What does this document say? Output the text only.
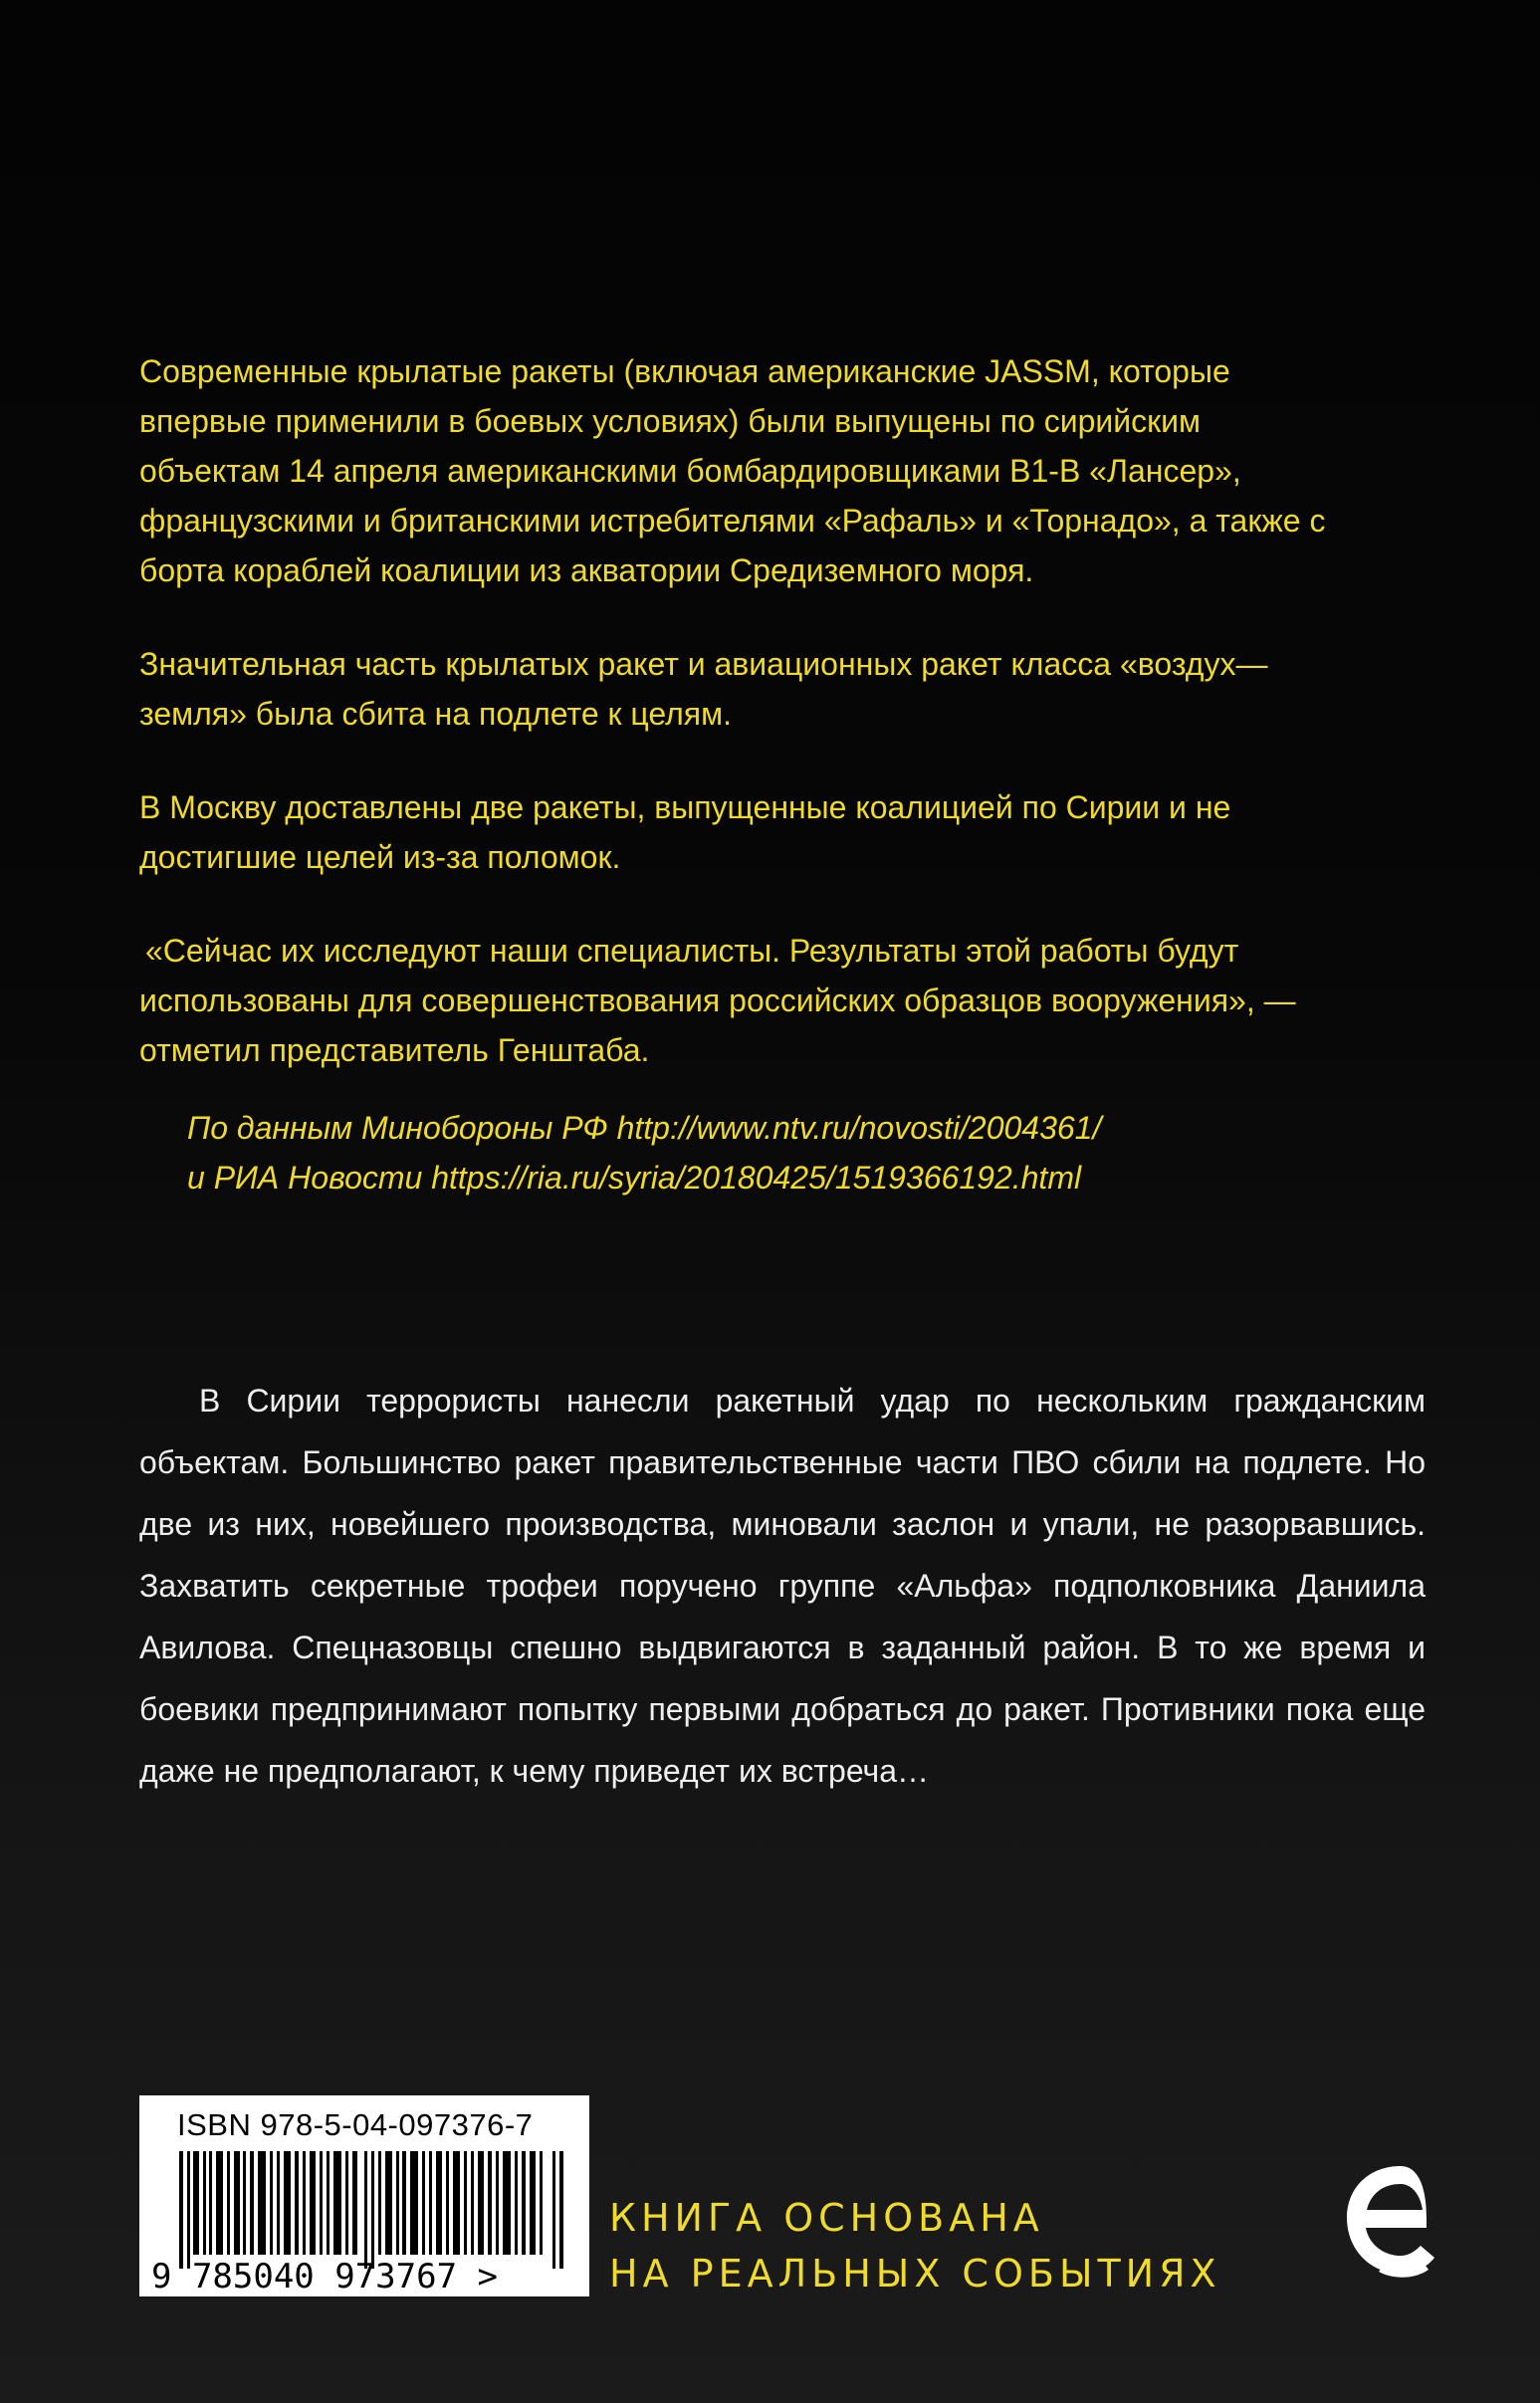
Современные крылатые ракеты (включая американские JASSM, которые впервые применили в боевых условиях) были выпущены по сирийским объектам 14 апреля американскими бомбардировщиками B1-B «Лансер», французскими и британскими истребителями «Рафаль» и «Торнадо», а также с борта кораблей коалиции из акватории Средиземного моря.

Значительная часть крылатых ракет и авиационных ракет класса «воздух—земля» была сбита на подлете к целям.

В Москву доставлены две ракеты, выпущенные коалицией по Сирии и не достигшие целей из-за поломок.

«Сейчас их исследуют наши специалисты. Результаты этой работы будут использованы для совершенствования российских образцов вооружения», — отметил представитель Генштаба.

По данным Минобороны РФ http://www.ntv.ru/novosti/2004361/
и РИА Новости https://ria.ru/syria/20180425/1519366192.html
В Сирии террористы нанесли ракетный удар по нескольким гражданским объектам. Большинство ракет правительственные части ПВО сбили на подлете. Но две из них, новейшего производства, миновали заслон и упали, не разорвавшись. Захватить секретные трофеи поручено группе «Альфа» подполковника Даниила Авилова. Спецназовцы спешно выдвигаются в заданный район. В то же время и боевики предпринимают попытку первыми добраться до ракет. Противники пока еще даже не предполагают, к чему приведет их встреча…
ISBN 978-5-04-097376-7
9 785040 973767 >
КНИГА ОСНОВАНА
НА РЕАЛЬНЫХ СОБЫТИЯХ
